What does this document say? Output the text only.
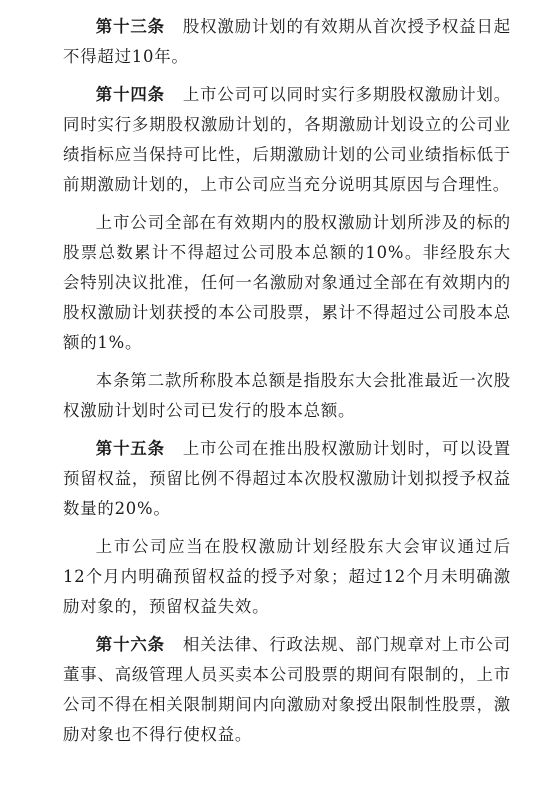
第十三条 股权激励计划的有效期从首次授予权益日起不得超过10年。

第十四条 上市公司可以同时实行多期股权激励计划。同时实行多期股权激励计划的，各期激励计划设立的公司业绩指标应当保持可比性，后期激励计划的公司业绩指标低于前期激励计划的，上市公司应当充分说明其原因与合理性。

上市公司全部在有效期内的股权激励计划所涉及的标的股票总数累计不得超过公司股本总额的10%。非经股东大会特别决议批准，任何一名激励对象通过全部在有效期内的股权激励计划获授的本公司股票，累计不得超过公司股本总额的1%。

本条第二款所称股本总额是指股东大会批准最近一次股权激励计划时公司已发行的股本总额。

第十五条 上市公司在推出股权激励计划时，可以设置预留权益，预留比例不得超过本次股权激励计划拟授予权益数量的20%。

上市公司应当在股权激励计划经股东大会审议通过后12个月内明确预留权益的授予对象；超过12个月未明确激励对象的，预留权益失效。

第十六条 相关法律、行政法规、部门规章对上市公司董事、高级管理人员买卖本公司股票的期间有限制的，上市公司不得在相关限制期间内向激励对象授出限制性股票，激励对象也不得行使权益。
